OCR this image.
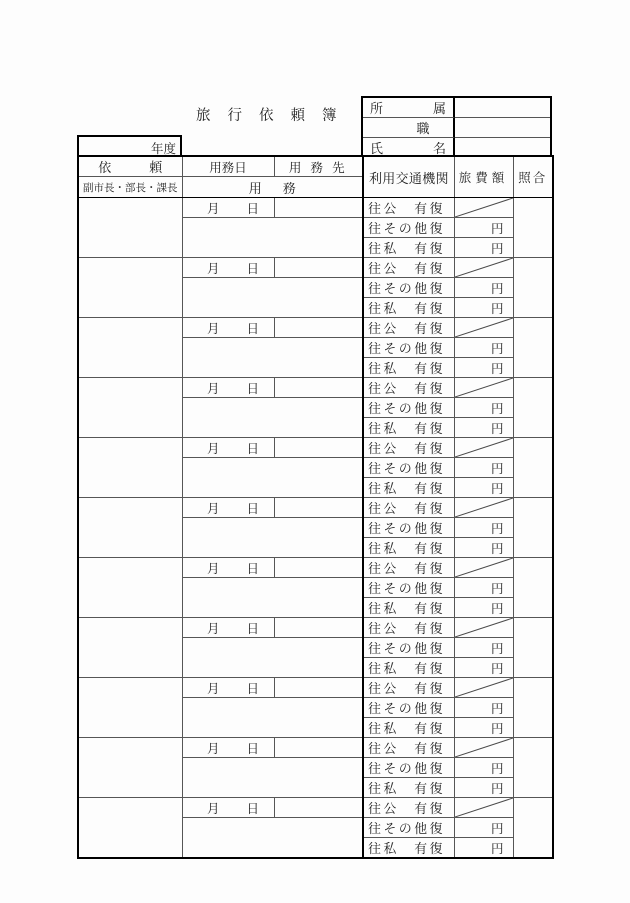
旅行依頼簿 所	属
職
氏	名
年度
依	頼	用務日	用 務 先	
利 用 交 通 機 関	旅費額	照合
副市長・部長・課長	用 務				

	月 日		往 公 有 復

			往 そ の 他 復	円	

			往 私 有 復	円	

	月 日		往 公 有 復

			往 そ の 他 復	円	

			往 私 有 復	円	

	月 日		往 公 有 復

			往 そ の 他 復	円	

			往 私 有 復	円	

	月 日		往 公 有 復

			往 そ の 他 復	円	

			往 私 有 復	円	

	月 日		往 公 有 復

			往 そ の 他 復	円	

			往 私 有 復	円	

	月 日		往 公 有 復

			往 そ の 他 復	円	

			往 私 有 復	円	

	月 日		往 公 有 復

			往 そ の 他 復	円	

			往 私 有 復	円	

	月 日		往 公 有 復

			往 そ の 他 復	円	

			往 私 有 復	円	

	月 日		往 公 有 復

			往 そ の 他 復	円	

			往 私 有 復	円	

	月 日		往 公 有 復

			往 そ の 他 復	円	

			往 私 有 復	円	

	月 日		往 公 有 復

			往 そ の 他 復	円	

			往 私 有 復	円	
